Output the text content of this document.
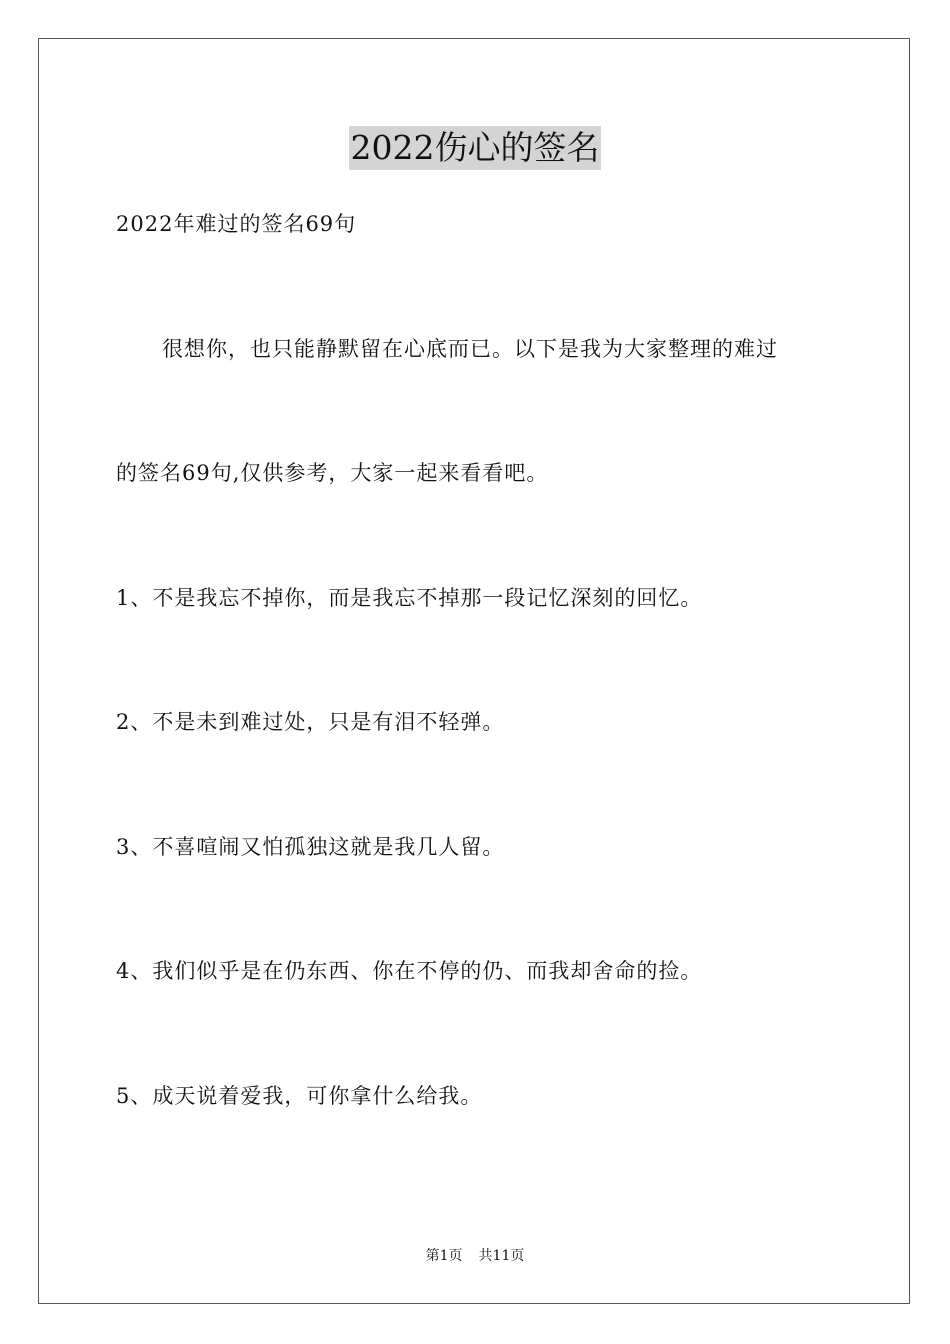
2022伤心的签名
2022年难过的签名69句
很想你，也只能静默留在心底而已。以下是我为大家整理的难过
的签名69句,仅供参考，大家一起来看看吧。
1、不是我忘不掉你，而是我忘不掉那一段记忆深刻的回忆。
2、不是未到难过处，只是有泪不轻弹。
3、不喜喧闹又怕孤独这就是我几人留。
4、我们似乎是在仍东西、你在不停的仍、而我却舍命的捡。
5、成天说着爱我，可你拿什么给我。
第1页 共11页
